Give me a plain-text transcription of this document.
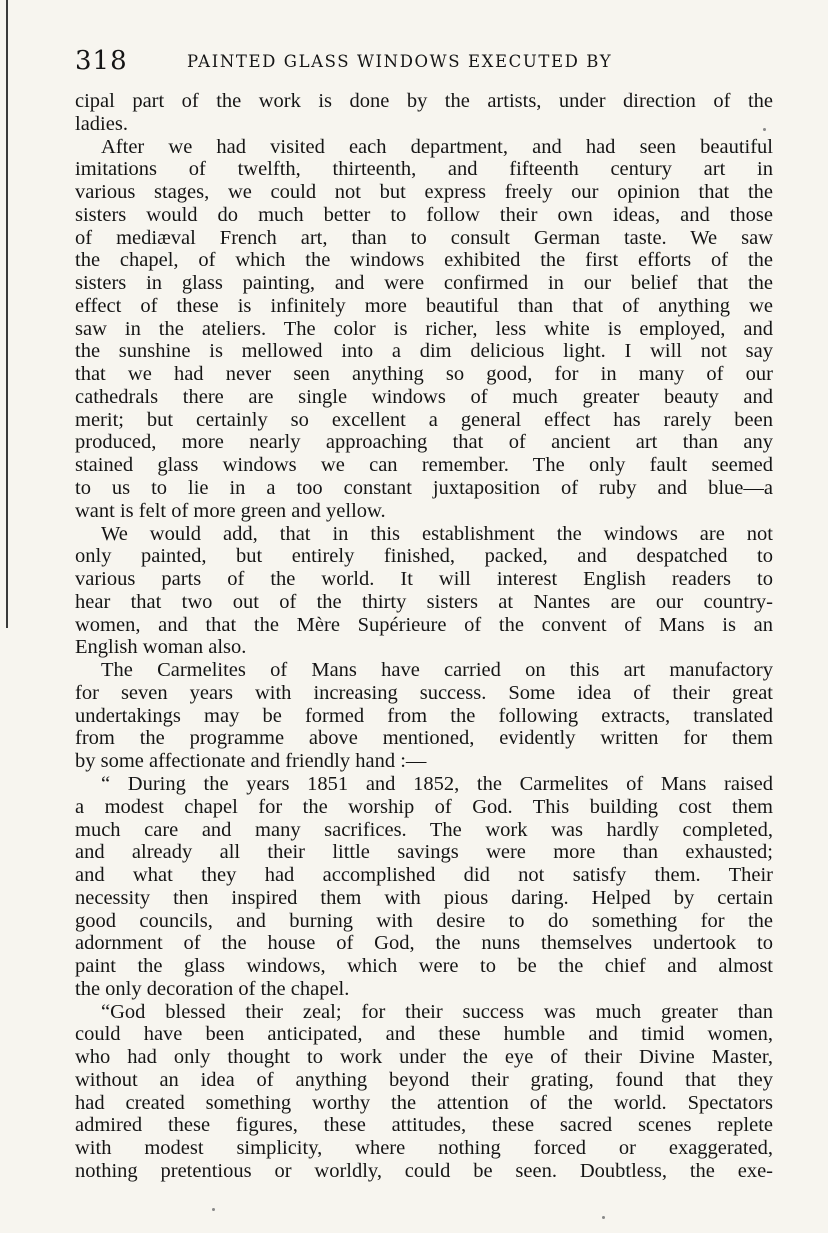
318	PAINTED GLASS WINDOWS EXECUTED BY
cipal part of the work is done by the artists, under direction of the
ladies.
After we had visited each department, and had seen beautiful
imitations of twelfth, thirteenth, and fifteenth century art in
various stages, we could not but express freely our opinion that the
sisters would do much better to follow their own ideas, and those
of mediæval French art, than to consult German taste. We saw
the chapel, of which the windows exhibited the first efforts of the
sisters in glass painting, and were confirmed in our belief that the
effect of these is infinitely more beautiful than that of anything we
saw in the ateliers. The color is richer, less white is employed, and
the sunshine is mellowed into a dim delicious light. I will not say
that we had never seen anything so good, for in many of our
cathedrals there are single windows of much greater beauty and
merit; but certainly so excellent a general effect has rarely been
produced, more nearly approaching that of ancient art than any
stained glass windows we can remember. The only fault seemed
to us to lie in a too constant juxtaposition of ruby and blue—a
want is felt of more green and yellow.
We would add, that in this establishment the windows are not
only painted, but entirely finished, packed, and despatched to
various parts of the world. It will interest English readers to
hear that two out of the thirty sisters at Nantes are our country-
women, and that the Mère Supérieure of the convent of Mans is an
English woman also.
The Carmelites of Mans have carried on this art manufactory
for seven years with increasing success. Some idea of their great
undertakings may be formed from the following extracts, translated
from the programme above mentioned, evidently written for them
by some affectionate and friendly hand :—
“ During the years 1851 and 1852, the Carmelites of Mans raised
a modest chapel for the worship of God. This building cost them
much care and many sacrifices. The work was hardly completed,
and already all their little savings were more than exhausted;
and what they had accomplished did not satisfy them. Their
necessity then inspired them with pious daring. Helped by certain
good councils, and burning with desire to do something for the
adornment of the house of God, the nuns themselves undertook to
paint the glass windows, which were to be the chief and almost
the only decoration of the chapel.
“God blessed their zeal; for their success was much greater than
could have been anticipated, and these humble and timid women,
who had only thought to work under the eye of their Divine Master,
without an idea of anything beyond their grating, found that they
had created something worthy the attention of the world. Spectators
admired these figures, these attitudes, these sacred scenes replete
with modest simplicity, where nothing forced or exaggerated,
nothing pretentious or worldly, could be seen. Doubtless, the exe-
